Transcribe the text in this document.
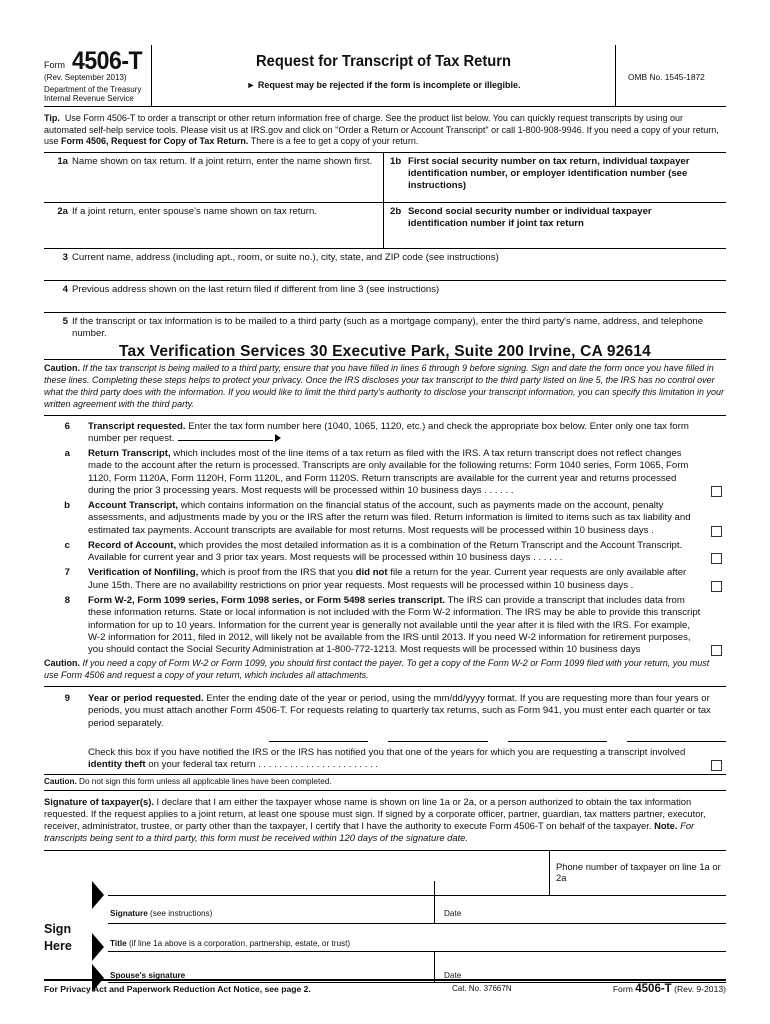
Form 4506-T
(Rev. September 2013)
Department of the Treasury
Internal Revenue Service
Request for Transcript of Tax Return
► Request may be rejected if the form is incomplete or illegible.
OMB No. 1545-1872
Tip. Use Form 4506-T to order a transcript or other return information free of charge. See the product list below. You can quickly request transcripts by using our automated self-help service tools. Please visit us at IRS.gov and click on "Order a Return or Account Transcript" or call 1-800-908-9946. If you need a copy of your return, use Form 4506, Request for Copy of Tax Return. There is a fee to get a copy of your return.
1a Name shown on tax return. If a joint return, enter the name shown first.	1b First social security number on tax return, individual taxpayer identification number, or employer identification number (see instructions)
2a If a joint return, enter spouse's name shown on tax return.	2b Second social security number or individual taxpayer identification number if joint tax return
3 Current name, address (including apt., room, or suite no.), city, state, and ZIP code (see instructions)
4 Previous address shown on the last return filed if different from line 3 (see instructions)
5 If the transcript or tax information is to be mailed to a third party (such as a mortgage company), enter the third party's name, address, and telephone number.
Tax Verification Services 30 Executive Park, Suite 200 Irvine, CA 92614
Caution. If the tax transcript is being mailed to a third party, ensure that you have filled in lines 6 through 9 before signing. Sign and date the form once you have filled in these lines. Completing these steps helps to protect your privacy. Once the IRS discloses your tax transcript to the third party listed on line 5, the IRS has no control over what the third party does with the information. If you would like to limit the third party's authority to disclose your transcript information, you can specify this limitation in your written agreement with the third party.
6	Transcript requested. Enter the tax form number here (1040, 1065, 1120, etc.) and check the appropriate box below. Enter only one tax form number per request.
a	Return Transcript, which includes most of the line items of a tax return as filed with the IRS. A tax return transcript does not reflect changes made to the account after the return is processed. Transcripts are only available for the following returns: Form 1040 series, Form 1065, Form 1120, Form 1120A, Form 1120H, Form 1120L, and Form 1120S. Return transcripts are available for the current year and returns processed during the prior 3 processing years. Most requests will be processed within 10 business days . . . . . .
b	Account Transcript, which contains information on the financial status of the account, such as payments made on the account, penalty assessments, and adjustments made by you or the IRS after the return was filed. Return information is limited to items such as tax liability and estimated tax payments. Account transcripts are available for most returns. Most requests will be processed within 10 business days .
c	Record of Account, which provides the most detailed information as it is a combination of the Return Transcript and the Account Transcript. Available for current year and 3 prior tax years. Most requests will be processed within 10 business days . . . . . .
7	Verification of Nonfiling, which is proof from the IRS that you did not file a return for the year. Current year requests are only available after June 15th. There are no availability restrictions on prior year requests. Most requests will be processed within 10 business days .
8	Form W-2, Form 1099 series, Form 1098 series, or Form 5498 series transcript. The IRS can provide a transcript that includes data from these information returns. State or local information is not included with the Form W-2 information. The IRS may be able to provide this transcript information for up to 10 years. Information for the current year is generally not available until the year after it is filed with the IRS. For example, W-2 information for 2011, filed in 2012, will likely not be available from the IRS until 2013. If you need W-2 information for retirement purposes, you should contact the Social Security Administration at 1-800-772-1213. Most requests will be processed within 10 business days
Caution. If you need a copy of Form W-2 or Form 1099, you should first contact the payer. To get a copy of the Form W-2 or Form 1099 filed with your return, you must use Form 4506 and request a copy of your return, which includes all attachments.
9	Year or period requested. Enter the ending date of the year or period, using the mm/dd/yyyy format. If you are requesting more than four years or periods, you must attach another Form 4506-T. For requests relating to quarterly tax returns, such as Form 941, you must enter each quarter or tax period separately.
Check this box if you have notified the IRS or the IRS has notified you that one of the years for which you are requesting a transcript involved identity theft on your federal tax return . . . . . . . . . . . . . . . . . . . . . . .
Caution. Do not sign this form unless all applicable lines have been completed.
Signature of taxpayer(s). I declare that I am either the taxpayer whose name is shown on line 1a or 2a, or a person authorized to obtain the tax information requested. If the request applies to a joint return, at least one spouse must sign. If signed by a corporate officer, partner, guardian, tax matters partner, executor, receiver, administrator, trustee, or party other than the taxpayer, I certify that I have the authority to execute Form 4506-T on behalf of the taxpayer. Note. For transcripts being sent to a third party, this form must be received within 120 days of the signature date.
Sign
Here
Phone number of taxpayer on line 1a or 2a
Signature (see instructions)	Date
Title (if line 1a above is a corporation, partnership, estate, or trust)
Spouse's signature	Date
For Privacy Act and Paperwork Reduction Act Notice, see page 2.	Cat. No. 37667N	Form 4506-T (Rev. 9-2013)
